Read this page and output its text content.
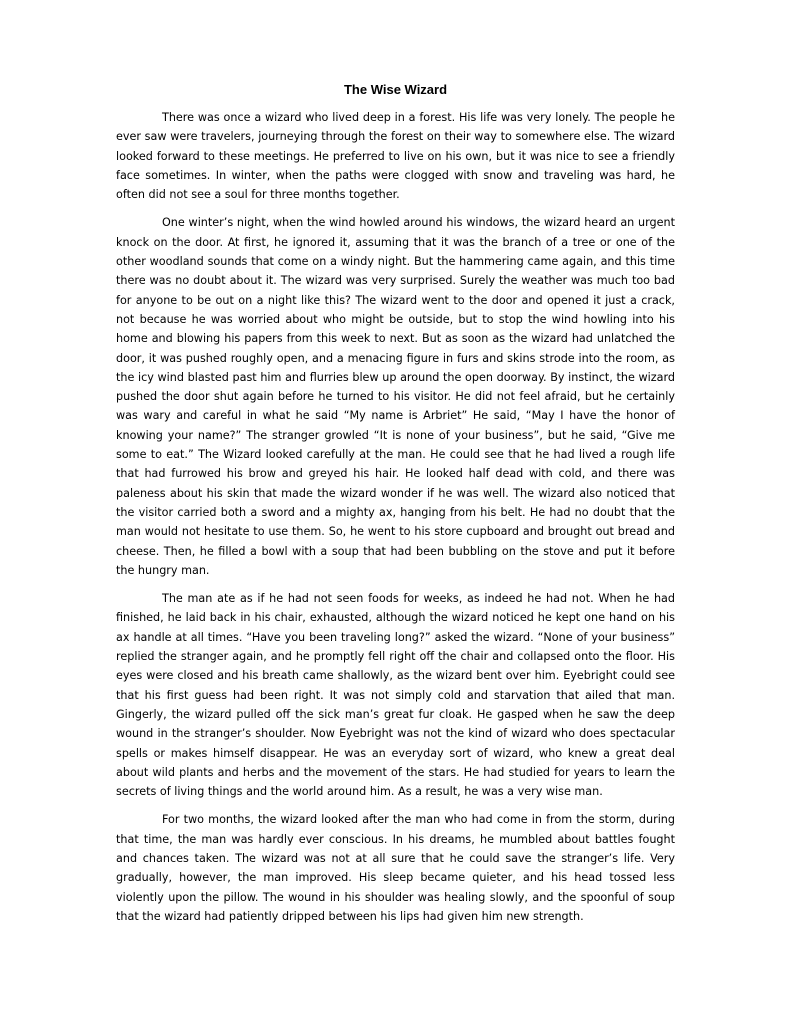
The Wise Wizard

There was once a wizard who lived deep in a forest. His life was very lonely. The people he ever saw were travelers, journeying through the forest on their way to somewhere else. The wizard looked forward to these meetings. He preferred to live on his own, but it was nice to see a friendly face sometimes. In winter, when the paths were clogged with snow and traveling was hard, he often did not see a soul for three months together.

One winter’s night, when the wind howled around his windows, the wizard heard an urgent knock on the door. At first, he ignored it, assuming that it was the branch of a tree or one of the other woodland sounds that come on a windy night. But the hammering came again, and this time there was no doubt about it. The wizard was very surprised. Surely the weather was much too bad for anyone to be out on a night like this? The wizard went to the door and opened it just a crack, not because he was worried about who might be outside, but to stop the wind howling into his home and blowing his papers from this week to next. But as soon as the wizard had unlatched the door, it was pushed roughly open, and a menacing figure in furs and skins strode into the room, as the icy wind blasted past him and flurries blew up around the open doorway. By instinct, the wizard pushed the door shut again before he turned to his visitor. He did not feel afraid, but he certainly was wary and careful in what he said “My name is Arbriet” He said, “May I have the honor of knowing your name?” The stranger growled “It is none of your business”, but he said, “Give me some to eat.” The Wizard looked carefully at the man. He could see that he had lived a rough life that had furrowed his brow and greyed his hair. He looked half dead with cold, and there was paleness about his skin that made the wizard wonder if he was well. The wizard also noticed that the visitor carried both a sword and a mighty ax, hanging from his belt. He had no doubt that the man would not hesitate to use them. So, he went to his store cupboard and brought out bread and cheese. Then, he filled a bowl with a soup that had been bubbling on the stove and put it before the hungry man.

The man ate as if he had not seen foods for weeks, as indeed he had not. When he had finished, he laid back in his chair, exhausted, although the wizard noticed he kept one hand on his ax handle at all times. “Have you been traveling long?” asked the wizard. “None of your business” replied the stranger again, and he promptly fell right off the chair and collapsed onto the floor. His eyes were closed and his breath came shallowly, as the wizard bent over him. Eyebright could see that his first guess had been right. It was not simply cold and starvation that ailed that man. Gingerly, the wizard pulled off the sick man’s great fur cloak. He gasped when he saw the deep wound in the stranger’s shoulder. Now Eyebright was not the kind of wizard who does spectacular spells or makes himself disappear. He was an everyday sort of wizard, who knew a great deal about wild plants and herbs and the movement of the stars. He had studied for years to learn the secrets of living things and the world around him. As a result, he was a very wise man.

For two months, the wizard looked after the man who had come in from the storm, during that time, the man was hardly ever conscious. In his dreams, he mumbled about battles fought and chances taken. The wizard was not at all sure that he could save the stranger’s life. Very gradually, however, the man improved. His sleep became quieter, and his head tossed less violently upon the pillow. The wound in his shoulder was healing slowly, and the spoonful of soup that the wizard had patiently dripped between his lips had given him new strength.
